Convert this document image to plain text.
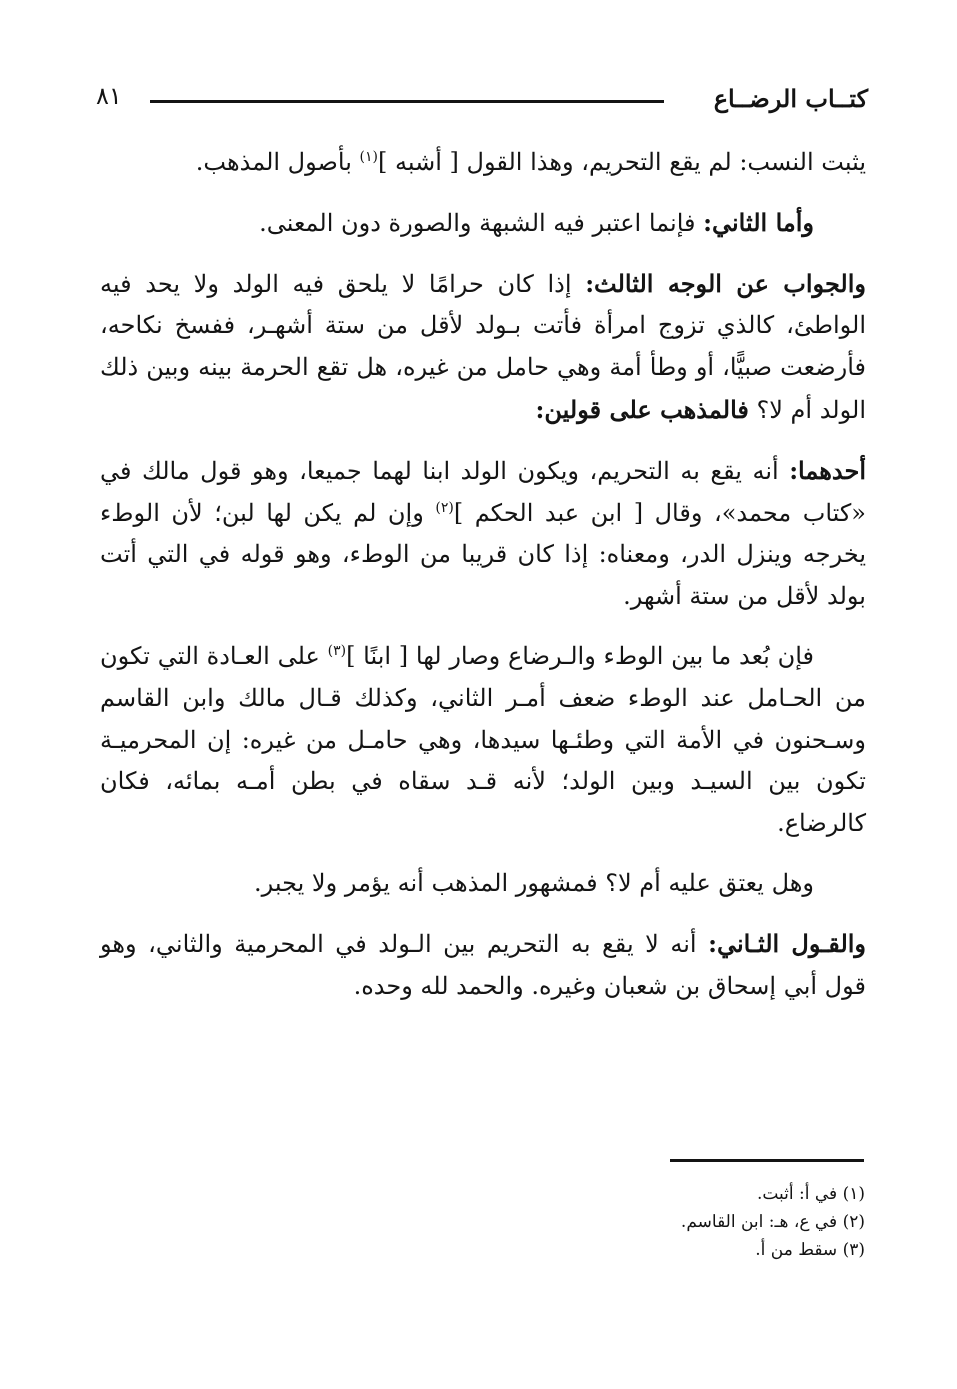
كتــاب الرضــاع
٨١

يثبت النسب: لم يقع التحريم، وهذا القول [ أشبه ]$^{(١)}$ بأصول المذهب.

وأما الثاني: فإنما اعتبر فيه الشبهة والصورة دون المعنى.

والجواب عن الوجه الثالث: إذا كان حرامًا لا يلحق فيه الولد ولا يحد فيه الواطئ، كالذي تزوج امرأة فأتت بـولد لأقل من ستة أشهـر، ففسخ نكاحه، فأرضعت صبيًّا، أو وطأ أمة وهي حامل من غيره، هل تقع الحرمة بينه وبين ذلك الولد أم لا؟ فالمذهب على قولين:

أحدهما: أنه يقع به التحريم، ويكون الولد ابنا لهما جميعا، وهو قول مالك في «كتاب محمد»، وقال [ ابن عبد الحكم ]$^{(٢)}$ وإن لم يكن لها لبن؛ لأن الوطء يخرجه وينزل الدر، ومعناه: إذا كان قريبا من الوطء، وهو قوله في التي أتت بولد لأقل من ستة أشهر.

فإن بُعد ما بين الوطء والـرضاع وصار لها [ ابنًا ]$^{(٣)}$ على العـادة التي تكون من الحـامل عند الوطء ضعف أمـر الثاني، وكذلك قـال مالك وابن القاسم وسـحنون في الأمة التي وطئـها سيدها، وهي حامـل من غيره: إن المحرميـة تكون بين السيـد وبين الولد؛ لأنه قـد سقاه في بطن أمـه بمائه، فكان كالرضاع.

وهل يعتق عليه أم لا؟ فمشهور المذهب أنه يؤمر ولا يجبر.

والقـول الثـاني: أنه لا يقع به التحريم بين الـولد في المحرمية والثاني، وهو قول أبي إسحاق بن شعبان وغيره. والحمد لله وحده.

(١) في أ: أثبت.
(٢) في ع، هـ: ابن القاسم.
(٣) سقط من أ.
